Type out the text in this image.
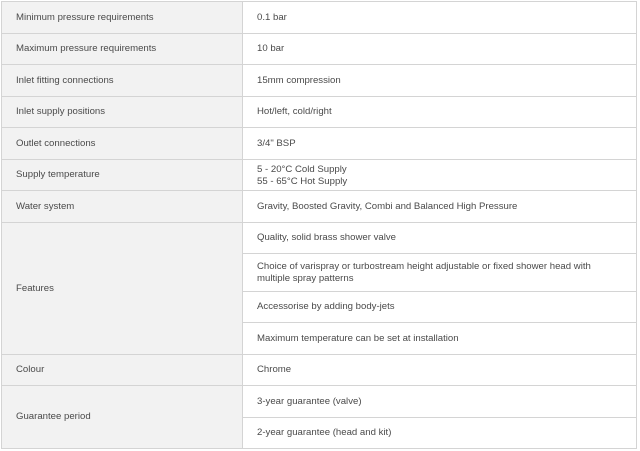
Minimum pressure requirements	0.1 bar
Maximum pressure requirements	10 bar
Inlet fitting connections	15mm compression
Inlet supply positions	Hot/left, cold/right
Outlet connections	3/4" BSP
Supply temperature	5 - 20°C Cold Supply
55 - 65°C Hot Supply

Water system	Gravity, Boosted Gravity, Combi and Balanced High Pressure
Features	Quality, solid brass shower valve
	Choice of varispray or turbostream height adjustable or fixed shower head with multiple spray patterns
	Accessorise by adding body-jets
	Maximum temperature can be set at installation
Colour	Chrome
Guarantee period	3-year guarantee (valve)
	2-year guarantee (head and kit)
